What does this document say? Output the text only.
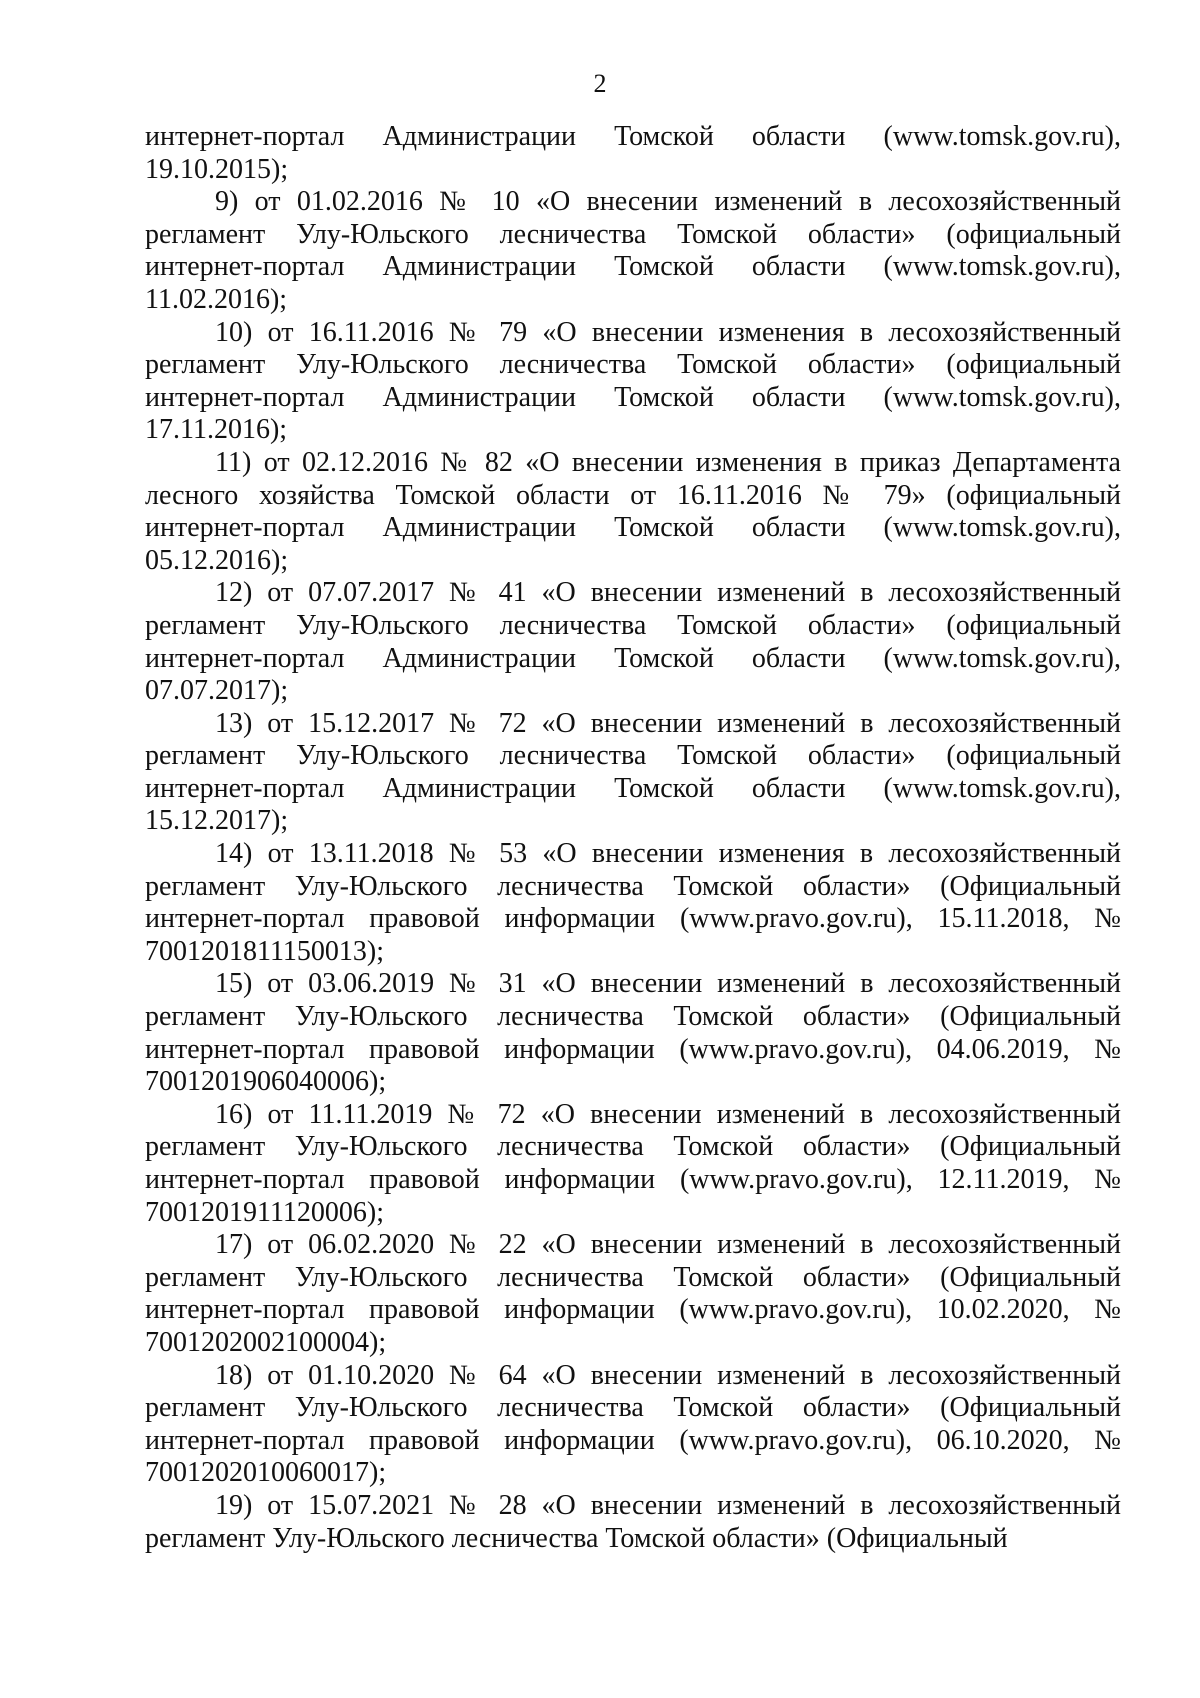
2

интернет-портал Администрации Томской области (www.tomsk.gov.ru), 19.10.2015);

9) от 01.02.2016 № 10 «О внесении изменений в лесохозяйственный регламент Улу-Юльского лесничества Томской области» (официальный интернет-портал Администрации Томской области (www.tomsk.gov.ru), 11.02.2016);

10) от 16.11.2016 № 79 «О внесении изменения в лесохозяйственный регламент Улу-Юльского лесничества Томской области» (официальный интернет-портал Администрации Томской области (www.tomsk.gov.ru), 17.11.2016);

11) от 02.12.2016 № 82 «О внесении изменения в приказ Департамента лесного хозяйства Томской области от 16.11.2016 № 79» (официальный интернет-портал Администрации Томской области (www.tomsk.gov.ru), 05.12.2016);

12) от 07.07.2017 № 41 «О внесении изменений в лесохозяйственный регламент Улу-Юльского лесничества Томской области» (официальный интернет-портал Администрации Томской области (www.tomsk.gov.ru), 07.07.2017);

13) от 15.12.2017 № 72 «О внесении изменений в лесохозяйственный регламент Улу-Юльского лесничества Томской области» (официальный интернет-портал Администрации Томской области (www.tomsk.gov.ru), 15.12.2017);

14) от 13.11.2018 № 53 «О внесении изменения в лесохозяйственный регламент Улу-Юльского лесничества Томской области» (Официальный интернет-портал правовой информации (www.pravo.gov.ru), 15.11.2018, № 7001201811150013);

15) от 03.06.2019 № 31 «О внесении изменений в лесохозяйственный регламент Улу-Юльского лесничества Томской области» (Официальный интернет-портал правовой информации (www.pravo.gov.ru), 04.06.2019, № 7001201906040006);

16) от 11.11.2019 № 72 «О внесении изменений в лесохозяйственный регламент Улу-Юльского лесничества Томской области» (Официальный интернет-портал правовой информации (www.pravo.gov.ru), 12.11.2019, № 7001201911120006);

17) от 06.02.2020 № 22 «О внесении изменений в лесохозяйственный регламент Улу-Юльского лесничества Томской области» (Официальный интернет-портал правовой информации (www.pravo.gov.ru), 10.02.2020, № 7001202002100004);

18) от 01.10.2020 № 64 «О внесении изменений в лесохозяйственный регламент Улу-Юльского лесничества Томской области» (Официальный интернет-портал правовой информации (www.pravo.gov.ru), 06.10.2020, № 7001202010060017);

19) от 15.07.2021 № 28 «О внесении изменений в лесохозяйственный регламент Улу-Юльского лесничества Томской области» (Официальный
